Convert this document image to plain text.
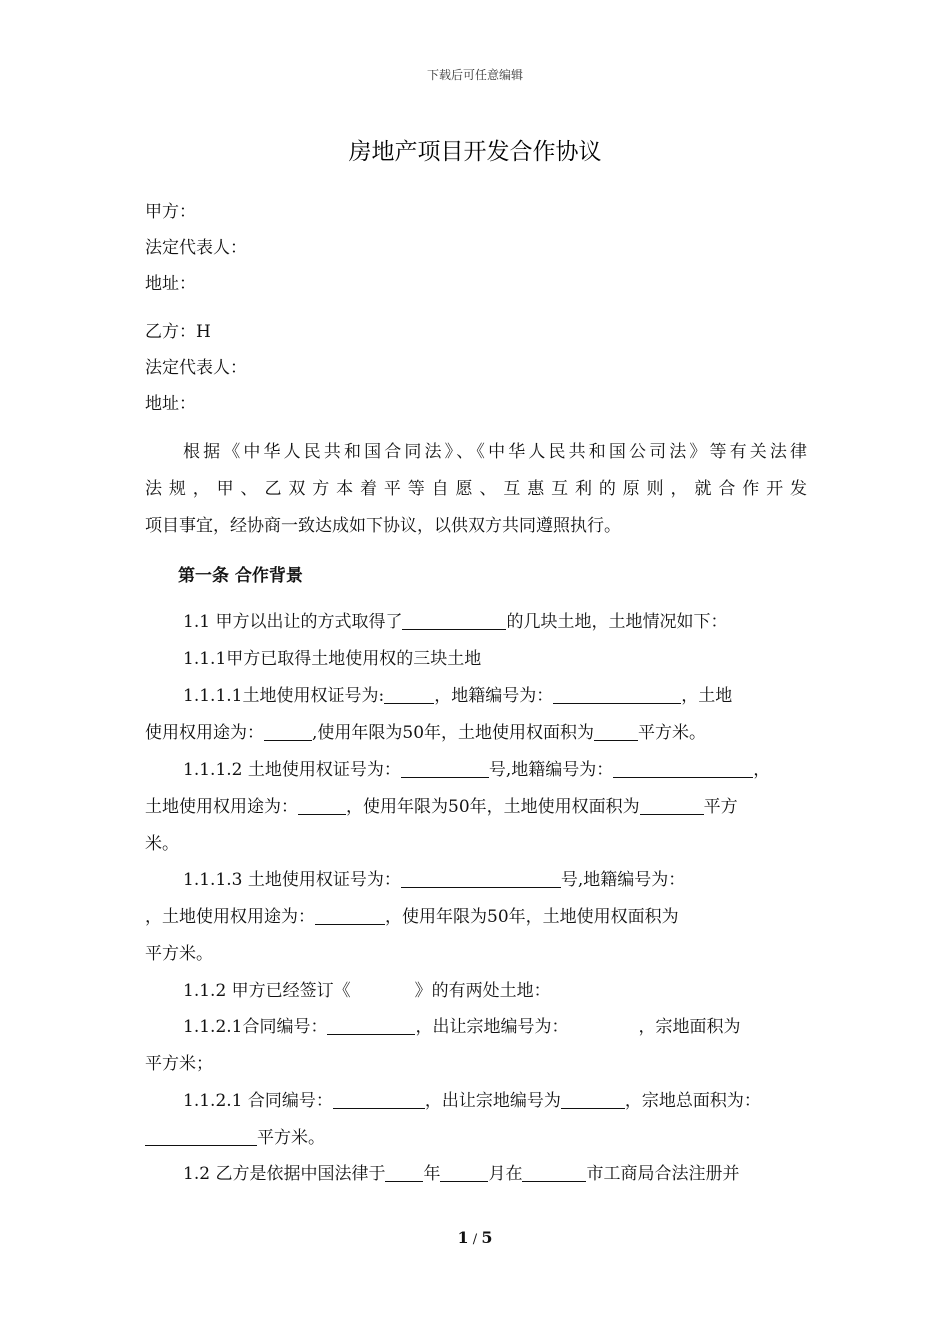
下载后可任意编辑
房地产项目开发合作协议
甲方：
法定代表人：
地址：
乙方：H
法定代表人：
地址：
根据《中华人民共和国合同法》、《中华人民共和国公司法》等有关法律
法规，甲、乙双方本着平等自愿、互惠互利的原则，就合作开发
项目事宜，经协商一致达成如下协议，以供双方共同遵照执行。
第一条 合作背景
1.1 甲方以出让的方式取得了	的几块土地，土地情况如下：
1.1.1甲方已取得土地使用权的三块土地
1.1.1.1土地使用权证号为:	，地籍编号为：	，土地
使用权用途为：	,使用年限为50年，土地使用权面积为	平方米。
1.1.1.2 土地使用权证号为：	号,地籍编号为：	，
土地使用权用途为：	，使用年限为50年，土地使用权面积为	平方
米。
1.1.1.3 土地使用权证号为：	号,地籍编号为：
，土地使用权用途为：	，使用年限为50年，土地使用权面积为
平方米。
1.1.2 甲方已经签订《	》的有两处土地：
1.1.2.1合同编号：	，出让宗地编号为：	，宗地面积为
平方米；
1.1.2.1 合同编号：	，出让宗地编号为	，宗地总面积为：
平方米。
1.2 乙方是依据中国法律于 年	月在	市工商局合法注册并
1 / 5
